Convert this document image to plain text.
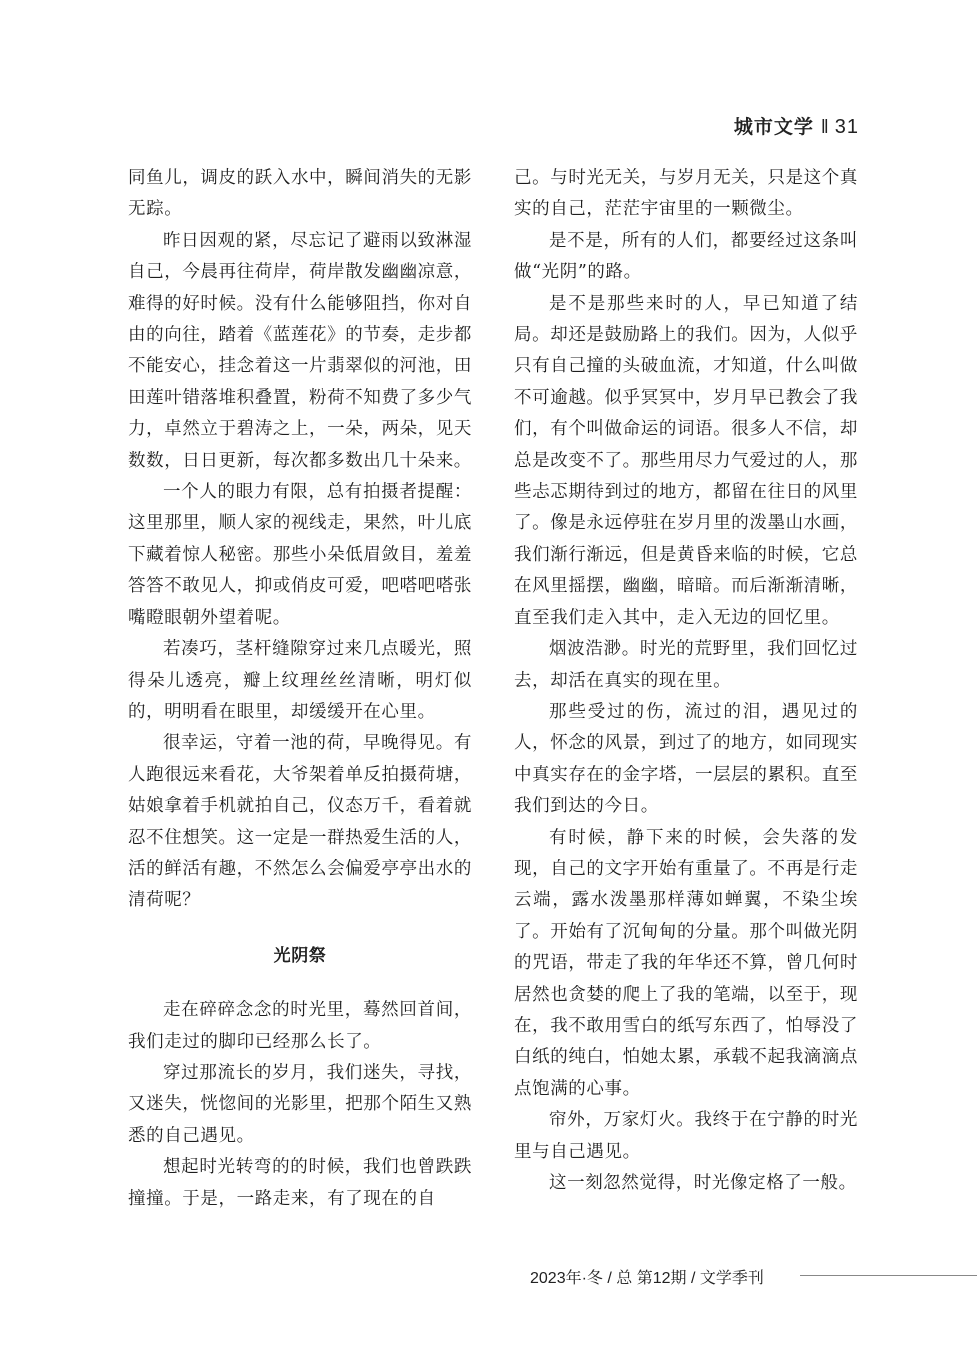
城市文学 ‖ 31

同鱼儿，调皮的跃入水中，瞬间消失的无影无踪。

昨日因观的紧，尽忘记了避雨以致淋湿自己，今晨再往荷岸，荷岸散发幽幽凉意，难得的好时候。没有什么能够阻挡，你对自由的向往，踏着《蓝莲花》的节奏，走步都不能安心，挂念着这一片翡翠似的河池，田田莲叶错落堆积叠置，粉荷不知费了多少气力，卓然立于碧涛之上，一朵，两朵，见天数数，日日更新，每次都多数出几十朵来。

一个人的眼力有限，总有拍摄者提醒：这里那里，顺人家的视线走，果然，叶儿底下藏着惊人秘密。那些小朵低眉敛目，羞羞答答不敢见人，抑或俏皮可爱，吧嗒吧嗒张嘴瞪眼朝外望着呢。

若凑巧，茎杆缝隙穿过来几点暖光，照得朵儿透亮，瓣上纹理丝丝清晰，明灯似的，明明看在眼里，却缓缓开在心里。

很幸运，守着一池的荷，早晚得见。有人跑很远来看花，大爷架着单反拍摄荷塘，姑娘拿着手机就拍自己，仪态万千，看着就忍不住想笑。这一定是一群热爱生活的人，活的鲜活有趣，不然怎么会偏爱亭亭出水的清荷呢？

光阴祭

走在碎碎念念的时光里，蓦然回首间，我们走过的脚印已经那么长了。

穿过那流长的岁月，我们迷失，寻找，又迷失，恍惚间的光影里，把那个陌生又熟悉的自己遇见。

想起时光转弯的的时候，我们也曾跌跌撞撞。于是，一路走来，有了现在的自

己。与时光无关，与岁月无关，只是这个真实的自己，茫茫宇宙里的一颗微尘。

是不是，所有的人们，都要经过这条叫做“光阴”的路。

是不是那些来时的人，早已知道了结局。却还是鼓励路上的我们。因为，人似乎只有自己撞的头破血流，才知道，什么叫做不可逾越。似乎冥冥中，岁月早已教会了我们，有个叫做命运的词语。很多人不信，却总是改变不了。那些用尽力气爱过的人，那些忐忑期待到过的地方，都留在往日的风里了。像是永远停驻在岁月里的泼墨山水画，我们渐行渐远，但是黄昏来临的时候，它总在风里摇摆，幽幽，暗暗。而后渐渐清晰，直至我们走入其中，走入无边的回忆里。

烟波浩渺。时光的荒野里，我们回忆过去，却活在真实的现在里。

那些受过的伤，流过的泪，遇见过的人，怀念的风景，到过了的地方，如同现实中真实存在的金字塔，一层层的累积。直至我们到达的今日。

有时候，静下来的时候，会失落的发现，自己的文字开始有重量了。不再是行走云端，露水泼墨那样薄如蝉翼，不染尘埃了。开始有了沉甸甸的分量。那个叫做光阴的咒语，带走了我的年华还不算，曾几何时居然也贪婪的爬上了我的笔端，以至于，现在，我不敢用雪白的纸写东西了，怕辱没了白纸的纯白，怕她太累，承载不起我滴滴点点饱满的心事。

帘外，万家灯火。我终于在宁静的时光里与自己遇见。

这一刻忽然觉得，时光像定格了一般。

2023年·冬 / 总 第12期 / 文学季刊
